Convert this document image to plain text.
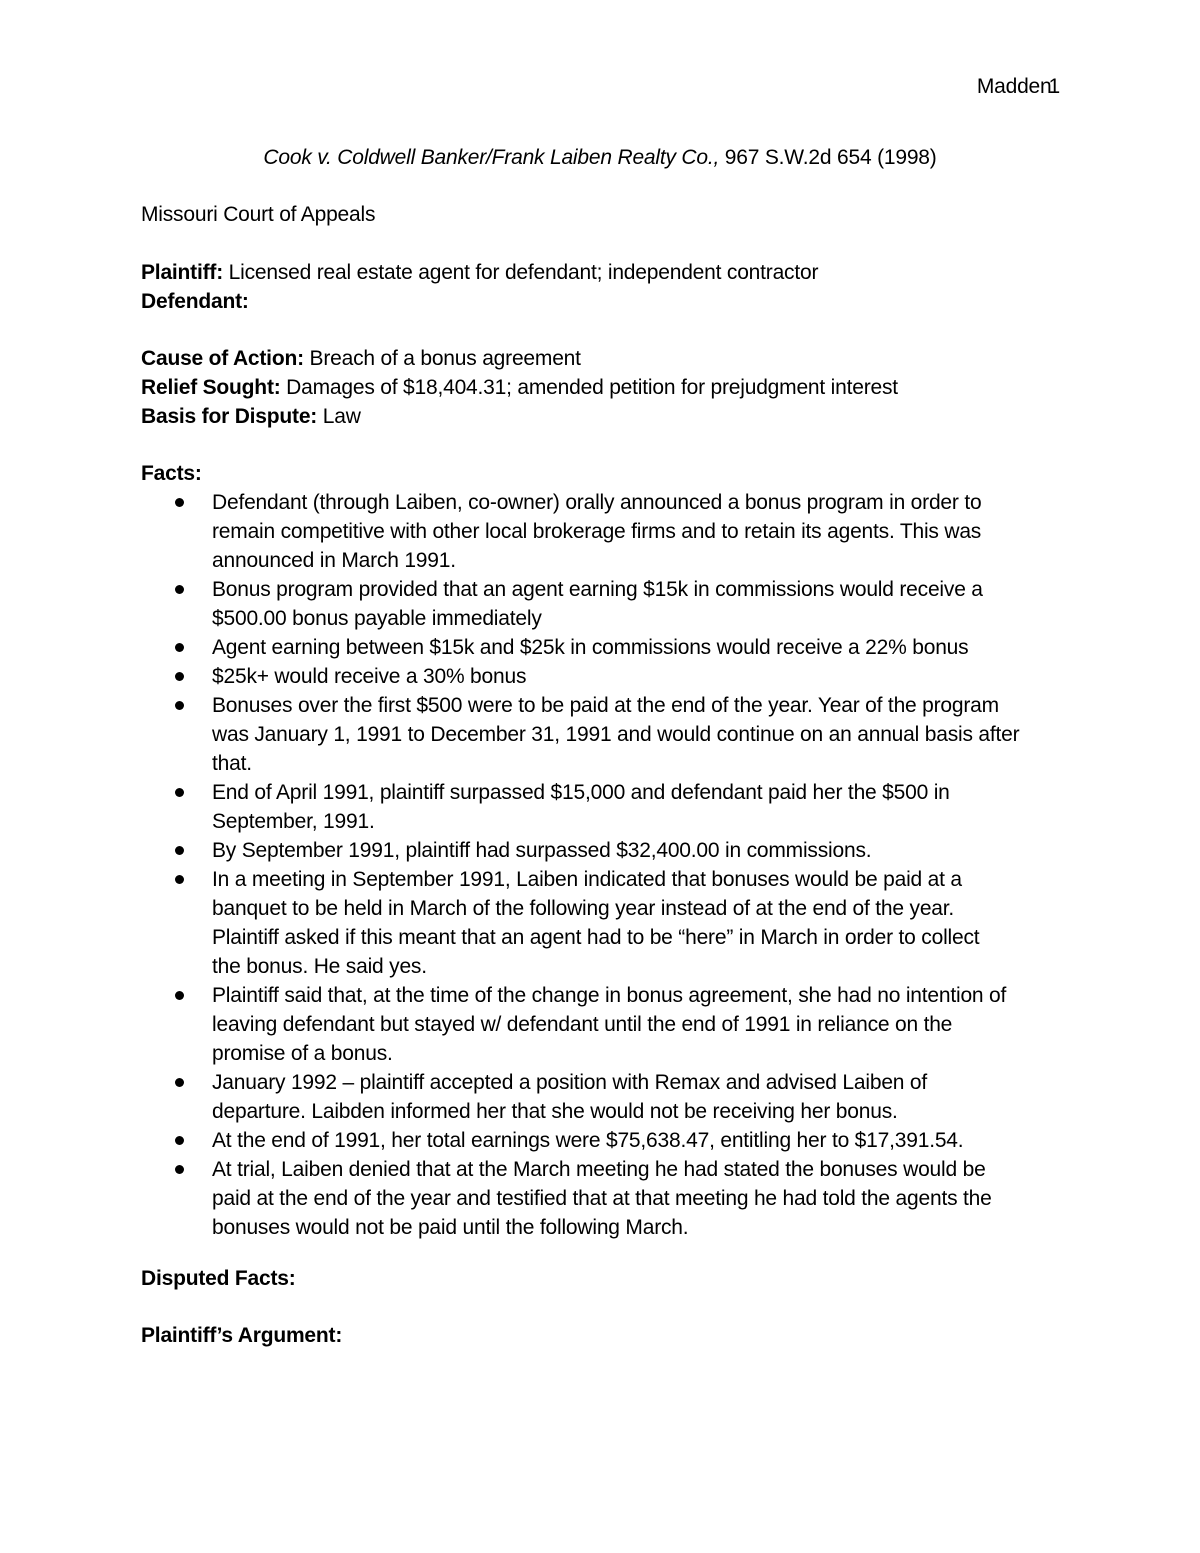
Madden1
Cook v. Coldwell Banker/Frank Laiben Realty Co., 967 S.W.2d 654 (1998)
Missouri Court of Appeals
Plaintiff: Licensed real estate agent for defendant; independent contractor
Defendant:
Cause of Action: Breach of a bonus agreement
Relief Sought: Damages of $18,404.31; amended petition for prejudgment interest
Basis for Dispute: Law
Facts:
Defendant (through Laiben, co-owner) orally announced a bonus program in order to
remain competitive with other local brokerage firms and to retain its agents. This was
announced in March 1991.
Bonus program provided that an agent earning $15k in commissions would receive a
$500.00 bonus payable immediately
Agent earning between $15k and $25k in commissions would receive a 22% bonus
$25k+ would receive a 30% bonus
Bonuses over the first $500 were to be paid at the end of the year. Year of the program
was January 1, 1991 to December 31, 1991 and would continue on an annual basis after
that.
End of April 1991, plaintiff surpassed $15,000 and defendant paid her the $500 in
September, 1991.
By September 1991, plaintiff had surpassed $32,400.00 in commissions.
In a meeting in September 1991, Laiben indicated that bonuses would be paid at a
banquet to be held in March of the following year instead of at the end of the year.
Plaintiff asked if this meant that an agent had to be “here” in March in order to collect
the bonus. He said yes.
Plaintiff said that, at the time of the change in bonus agreement, she had no intention of
leaving defendant but stayed w/ defendant until the end of 1991 in reliance on the
promise of a bonus.
January 1992 – plaintiff accepted a position with Remax and advised Laiben of
departure. Laibden informed her that she would not be receiving her bonus.
At the end of 1991, her total earnings were $75,638.47, entitling her to $17,391.54.
At trial, Laiben denied that at the March meeting he had stated the bonuses would be
paid at the end of the year and testified that at that meeting he had told the agents the
bonuses would not be paid until the following March.
Disputed Facts:
Plaintiff’s Argument:
